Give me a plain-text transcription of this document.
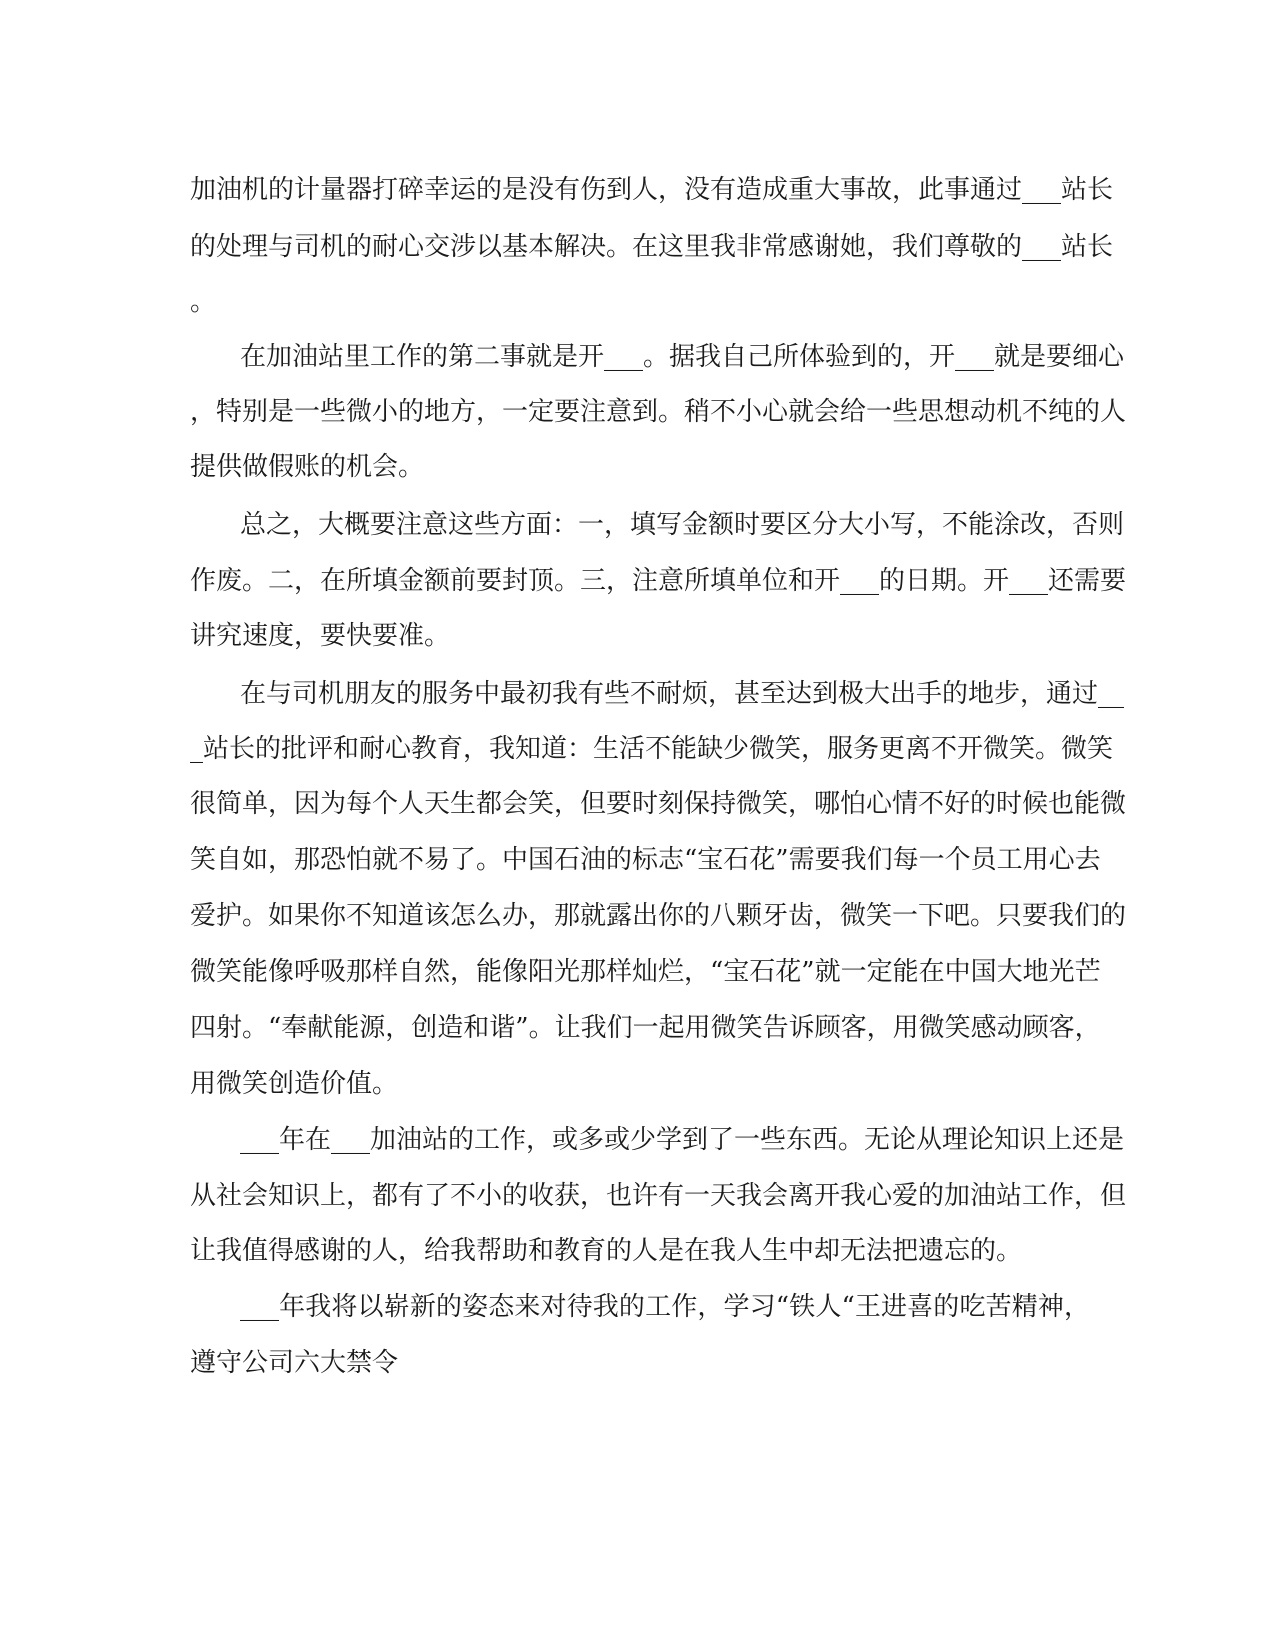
加油机的计量器打碎幸运的是没有伤到人，没有造成重大事故，此事通过___站长
的处理与司机的耐心交涉以基本解决。在这里我非常感谢她，我们尊敬的___站长
。
在加油站里工作的第二事就是开___。据我自己所体验到的，开___就是要细心
，特别是一些微小的地方，一定要注意到。稍不小心就会给一些思想动机不纯的人
提供做假账的机会。
总之，大概要注意这些方面：一，填写金额时要区分大小写，不能涂改，否则
作废。二，在所填金额前要封顶。三，注意所填单位和开___的日期。开___还需要
讲究速度，要快要准。
在与司机朋友的服务中最初我有些不耐烦，甚至达到极大出手的地步，通过__
_站长的批评和耐心教育，我知道：生活不能缺少微笑，服务更离不开微笑。微笑
很简单，因为每个人天生都会笑，但要时刻保持微笑，哪怕心情不好的时候也能微
笑自如，那恐怕就不易了。中国石油的标志“宝石花”需要我们每一个员工用心去
爱护。如果你不知道该怎么办，那就露出你的八颗牙齿，微笑一下吧。只要我们的
微笑能像呼吸那样自然，能像阳光那样灿烂，“宝石花”就一定能在中国大地光芒
四射。“奉献能源，创造和谐”。让我们一起用微笑告诉顾客，用微笑感动顾客，
用微笑创造价值。
___年在___加油站的工作，或多或少学到了一些东西。无论从理论知识上还是
从社会知识上，都有了不小的收获，也许有一天我会离开我心爱的加油站工作，但
让我值得感谢的人，给我帮助和教育的人是在我人生中却无法把遗忘的。
___年我将以崭新的姿态来对待我的工作，学习“铁人“王进喜的吃苦精神，
遵守公司六大禁令
